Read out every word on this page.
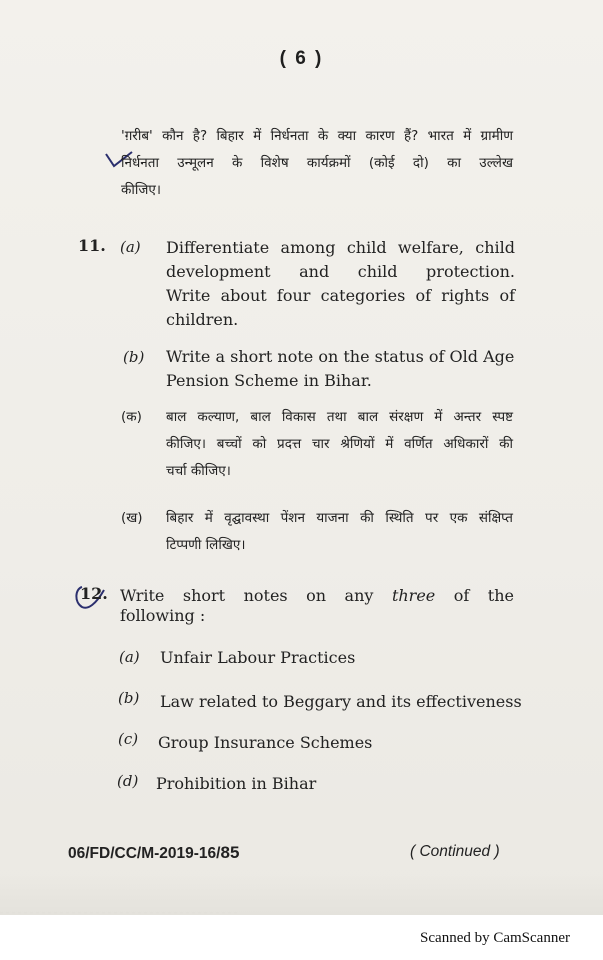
( 6 )
'ग़रीब' कौन है? बिहार में निर्धनता के क्या कारण हैं? भारत में ग्रामीण
निर्धनता उन्मूलन के विशेष कार्यक्रमों (कोई दो) का उल्लेख
कीजिए।
11. (a) Differentiate among child welfare, child
development and child protection.
Write about four categories of rights of
children.
(b) Write a short note on the status of Old Age
Pension Scheme in Bihar.
(क) बाल कल्याण, बाल विकास तथा बाल संरक्षण में अन्तर स्पष्ट
कीजिए। बच्चों को प्रदत्त चार श्रेणियों में वर्णित अधिकारों की
चर्चा कीजिए।
(ख) बिहार में वृद्घावस्था पेंशन याजना की स्थिति पर एक संक्षिप्त
टिप्पणी लिखिए।
12. Write short notes on any three of the
following :
(a) Unfair Labour Practices
(b) Law related to Beggary and its effectiveness
(c) Group Insurance Schemes
(d) Prohibition in Bihar
06/FD/CC/M-2019-16/85	( Continued )
Scanned by CamScanner
